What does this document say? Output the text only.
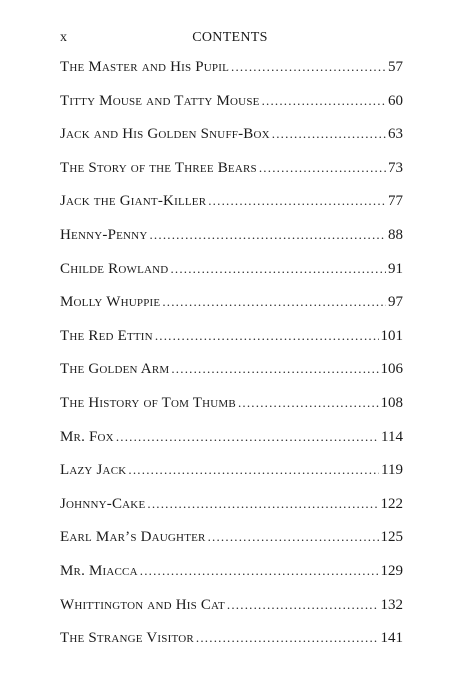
x	CONTENTS
The Master and His Pupil .....	57
Titty Mouse and Tatty Mouse .....	60
Jack and His Golden Snuff-Box .....	63
The Story of the Three Bears .....	73
Jack the Giant-Killer .....	77
Henny-Penny .....	88
Childe Rowland .....	91
Molly Whuppie .....	97
The Red Ettin .....	101
The Golden Arm .....	106
The History of Tom Thumb .....	108
Mr. Fox .....	114
Lazy Jack .....	119
Johnny-Cake .....	122
Earl Mar’s Daughter .....	125
Mr. Miacca .....	129
Whittington and His Cat .....	132
The Strange Visitor .....	141
